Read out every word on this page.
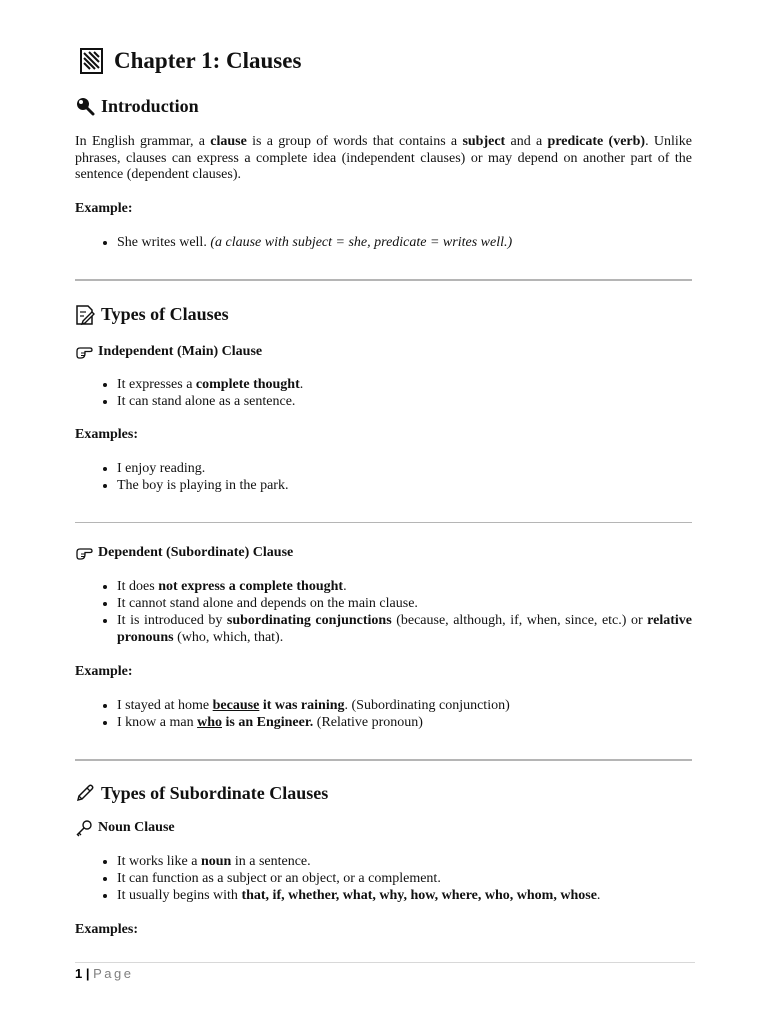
Chapter 1: Clauses
Introduction

In English grammar, a clause is a group of words that contains a subject and a predicate (verb). Unlike phrases, clauses can express a complete idea (independent clauses) or may depend on another part of the sentence (dependent clauses).

Example:

• She writes well. (a clause with subject = she, predicate = writes well.)
Types of Clauses
Independent (Main) Clause
• It expresses a complete thought.
• It can stand alone as a sentence.

Examples:

• I enjoy reading.
• The boy is playing in the park.
Dependent (Subordinate) Clause
• It does not express a complete thought.
• It cannot stand alone and depends on the main clause.
• It is introduced by subordinating conjunctions (because, although, if, when, since, etc.) or relative pronouns (who, which, that).

Example:

• I stayed at home because it was raining. (Subordinating conjunction)
• I know a man who is an Engineer. (Relative pronoun)
Types of Subordinate Clauses
Noun Clause
• It works like a noun in a sentence.
• It can function as a subject or an object, or a complement.
• It usually begins with that, if, whether, what, why, how, where, who, whom, whose.

Examples:

1 | Page
